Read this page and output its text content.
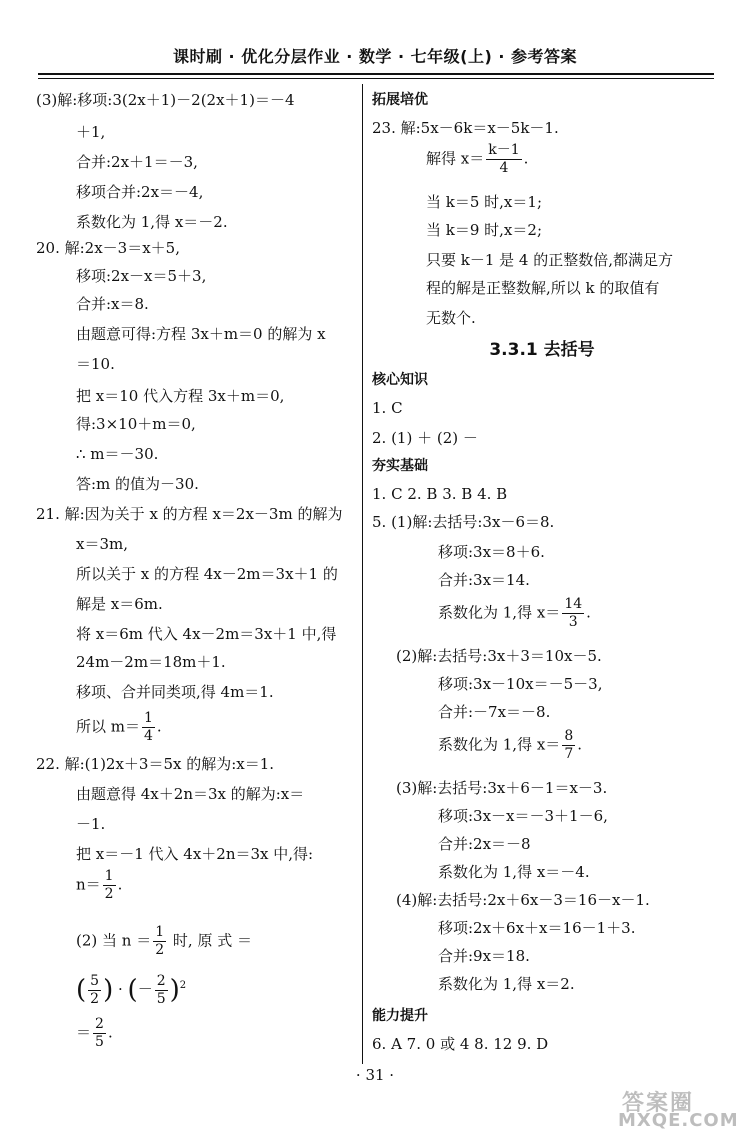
课时刷 · 优化分层作业 · 数学 · 七年级(上) · 参考答案
(3)解:移项:3(2x＋1)－2(2x＋1)＝－4
＋1,
合并:2x＋1＝－3,
移项合并:2x＝－4,
系数化为 1,得 x＝－2.
20. 解:2x－3＝x＋5,
移项:2x－x＝5＋3,
合并:x＝8.
由题意可得:方程 3x＋m＝0 的解为 x
＝10.
把 x＝10 代入方程 3x＋m＝0,
得:3×10＋m＝0,
∴ m＝－30.
答:m 的值为－30.
21. 解:因为关于 x 的方程 x＝2x－3m 的解为
x＝3m,
所以关于 x 的方程 4x－2m＝3x＋1 的
解是 x＝6m.
将 x＝6m 代入 4x－2m＝3x＋1 中,得
24m－2m＝18m＋1.
移项、合并同类项,得 4m＝1.
所以 $m= \frac{1}{4}$ .
22. 解:(1)2x＋3＝5x 的解为:x＝1.
由题意得 4x＋2n＝3x 的解为:x＝
－1.
把 x＝－1 代入 4x＋2n＝3x 中,得:
$n= \frac{1}{2}$ .
(2) 当 $n = \frac{1}{2}$ 时, 原 式 ＝
( $\frac{5}{2}$ ) · (－ $\frac{2}{5} )^2$
＝ $\frac{2}{5}$ .
拓展培优
23. 解:5x－6k＝x－5k－1.
解得 $x= \frac{k-1}{4}$ .
当 k＝5 时,x＝1;
当 k＝9 时,x＝2;
只要 k－1 是 4 的正整数倍,都满足方
程的解是正整数解,所以 k 的取值有
无数个.
3.3.1 去括号
核心知识
1. C
2. (1) ＋ (2) －
夯实基础
1. C 2. B 3. B 4. B
5. (1)解:去括号:3x－6＝8.
移项:3x＝8＋6.
合并:3x＝14.
系数化为 1,得 $x= \frac{14}{3}$ .
(2)解:去括号:3x＋3＝10x－5.
移项:3x－10x＝－5－3,
合并:－7x＝－8.
系数化为 1,得 $x= \frac{8}{7}$ .
(3)解:去括号:3x＋6－1＝x－3.
移项:3x－x＝－3＋1－6,
合并:2x＝－8
系数化为 1,得 x＝－4.
(4)解:去括号:2x＋6x－3＝16－x－1.
移项:2x＋6x＋x＝16－1＋3.
合并:9x＝18.
系数化为 1,得 x＝2.
能力提升
6. A 7. 0 或 4 8. 12 9. D
· 31 ·
答案圈
MXQE.COM
